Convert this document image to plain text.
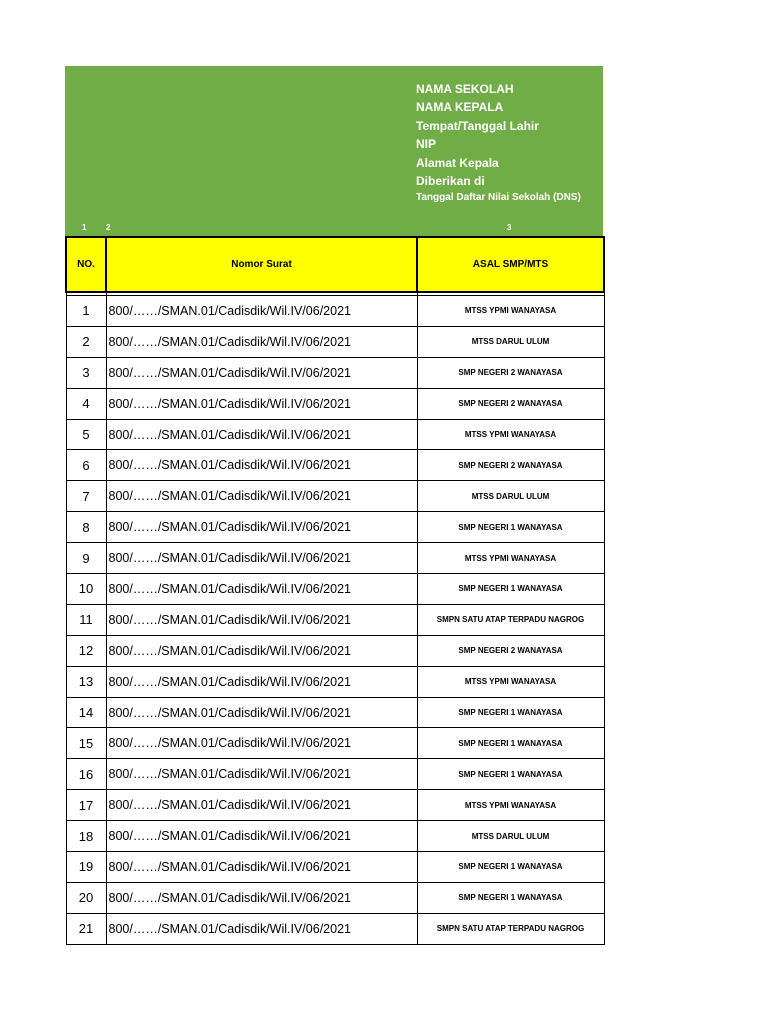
NAMA SEKOLAH
NAMA KEPALA
Tempat/Tanggal Lahir
NIP
Alamat Kepala
Diberikan di
Tanggal Daftar Nilai Sekolah (DNS)
1 2	3
NO.	Nomor Surat	ASAL SMP/MTS

1	800/……/SMAN.01/Cadisdik/Wil.IV/06/2021	MTSS YPMI WANAYASA
2	800/……/SMAN.01/Cadisdik/Wil.IV/06/2021	MTSS DARUL ULUM
3	800/……/SMAN.01/Cadisdik/Wil.IV/06/2021	SMP NEGERI 2 WANAYASA
4	800/……/SMAN.01/Cadisdik/Wil.IV/06/2021	SMP NEGERI 2 WANAYASA
5	800/……/SMAN.01/Cadisdik/Wil.IV/06/2021	MTSS YPMI WANAYASA
6	800/……/SMAN.01/Cadisdik/Wil.IV/06/2021	SMP NEGERI 2 WANAYASA
7	800/……/SMAN.01/Cadisdik/Wil.IV/06/2021	MTSS DARUL ULUM
8	800/……/SMAN.01/Cadisdik/Wil.IV/06/2021	SMP NEGERI 1 WANAYASA
9	800/……/SMAN.01/Cadisdik/Wil.IV/06/2021	MTSS YPMI WANAYASA
10	800/……/SMAN.01/Cadisdik/Wil.IV/06/2021	SMP NEGERI 1 WANAYASA
11	800/……/SMAN.01/Cadisdik/Wil.IV/06/2021	SMPN SATU ATAP TERPADU NAGROG
12	800/……/SMAN.01/Cadisdik/Wil.IV/06/2021	SMP NEGERI 2 WANAYASA
13	800/……/SMAN.01/Cadisdik/Wil.IV/06/2021	MTSS YPMI WANAYASA
14	800/……/SMAN.01/Cadisdik/Wil.IV/06/2021	SMP NEGERI 1 WANAYASA
15	800/……/SMAN.01/Cadisdik/Wil.IV/06/2021	SMP NEGERI 1 WANAYASA
16	800/……/SMAN.01/Cadisdik/Wil.IV/06/2021	SMP NEGERI 1 WANAYASA
17	800/……/SMAN.01/Cadisdik/Wil.IV/06/2021	MTSS YPMI WANAYASA
18	800/……/SMAN.01/Cadisdik/Wil.IV/06/2021	MTSS DARUL ULUM
19	800/……/SMAN.01/Cadisdik/Wil.IV/06/2021	SMP NEGERI 1 WANAYASA
20	800/……/SMAN.01/Cadisdik/Wil.IV/06/2021	SMP NEGERI 1 WANAYASA
21	800/……/SMAN.01/Cadisdik/Wil.IV/06/2021	SMPN SATU ATAP TERPADU NAGROG
